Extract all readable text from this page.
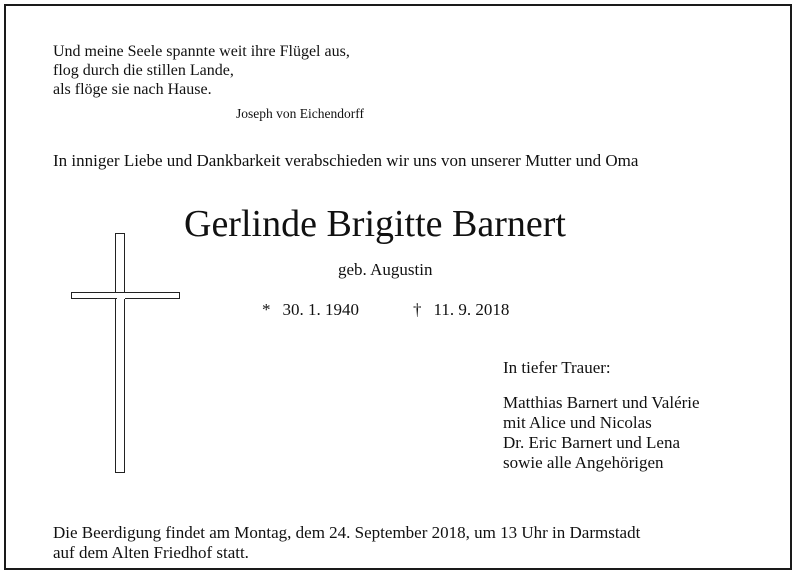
Und meine Seele spannte weit ihre Flügel aus,
flog durch die stillen Lande,
als flöge sie nach Hause.
Joseph von Eichendorff
In inniger Liebe und Dankbarkeit verabschieden wir uns von unserer Mutter und Oma
Gerlinde Brigitte Barnert
geb. Augustin
* 30. 1. 1940	† 11. 9. 2018
In tiefer Trauer:
Matthias Barnert und Valérie
mit Alice und Nicolas
Dr. Eric Barnert und Lena
sowie alle Angehörigen
Die Beerdigung findet am Montag, dem 24. September 2018, um 13 Uhr in Darmstadt
auf dem Alten Friedhof statt.
